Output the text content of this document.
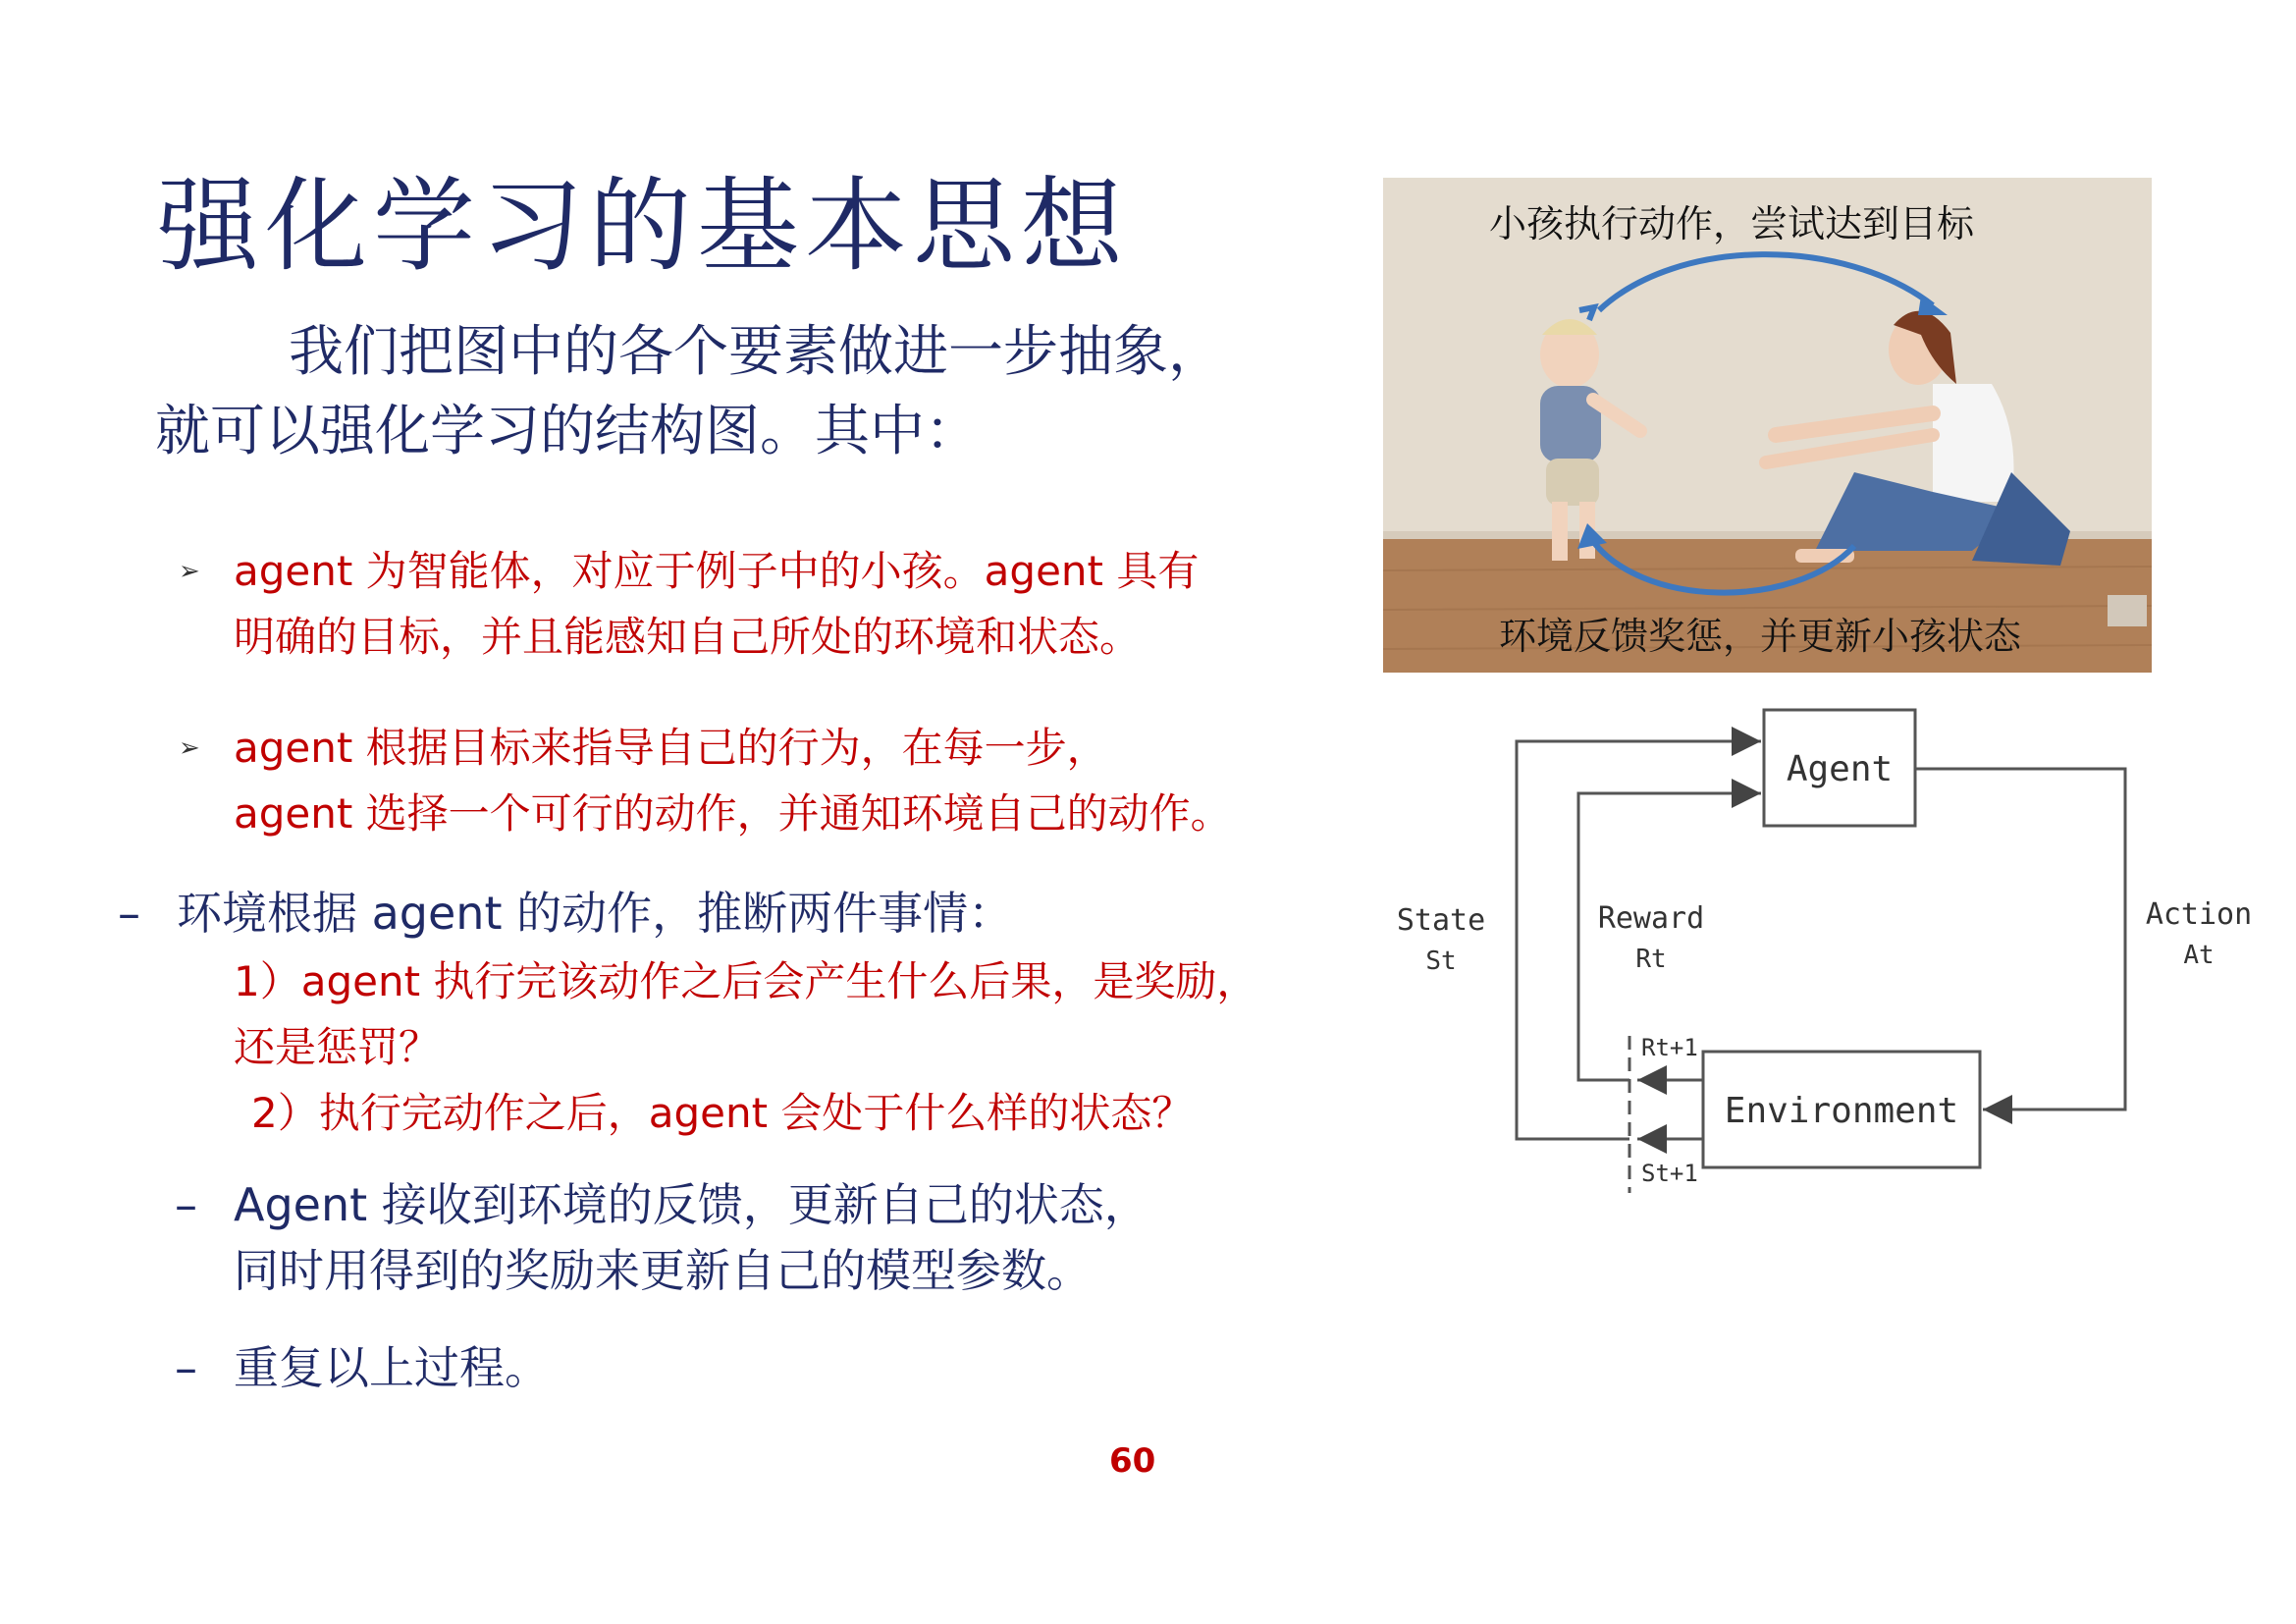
强化学习的基本思想
我们把图中的各个要素做进一步抽象，
就可以强化学习的结构图。其中：
➢ agent 为智能体，对应于例子中的小孩。agent 具有
明确的目标，并且能感知自己所处的环境和状态。
➢ agent 根据目标来指导自己的行为，在每一步，
agent 选择一个可行的动作，并通知环境自己的动作。
– 环境根据 agent 的动作，推断两件事情：
1）agent 执行完该动作之后会产生什么后果，是奖励，
还是惩罚？
2）执行完动作之后，agent 会处于什么样的状态？
– Agent 接收到环境的反馈，更新自己的状态，
同时用得到的奖励来更新自己的模型参数。
– 重复以上过程。
小孩执行动作，尝试达到目标
环境反馈奖惩，并更新小孩状态
Agent
Environment
State
St
Reward
Rt
Action
At
Rt+1
St+1
60
